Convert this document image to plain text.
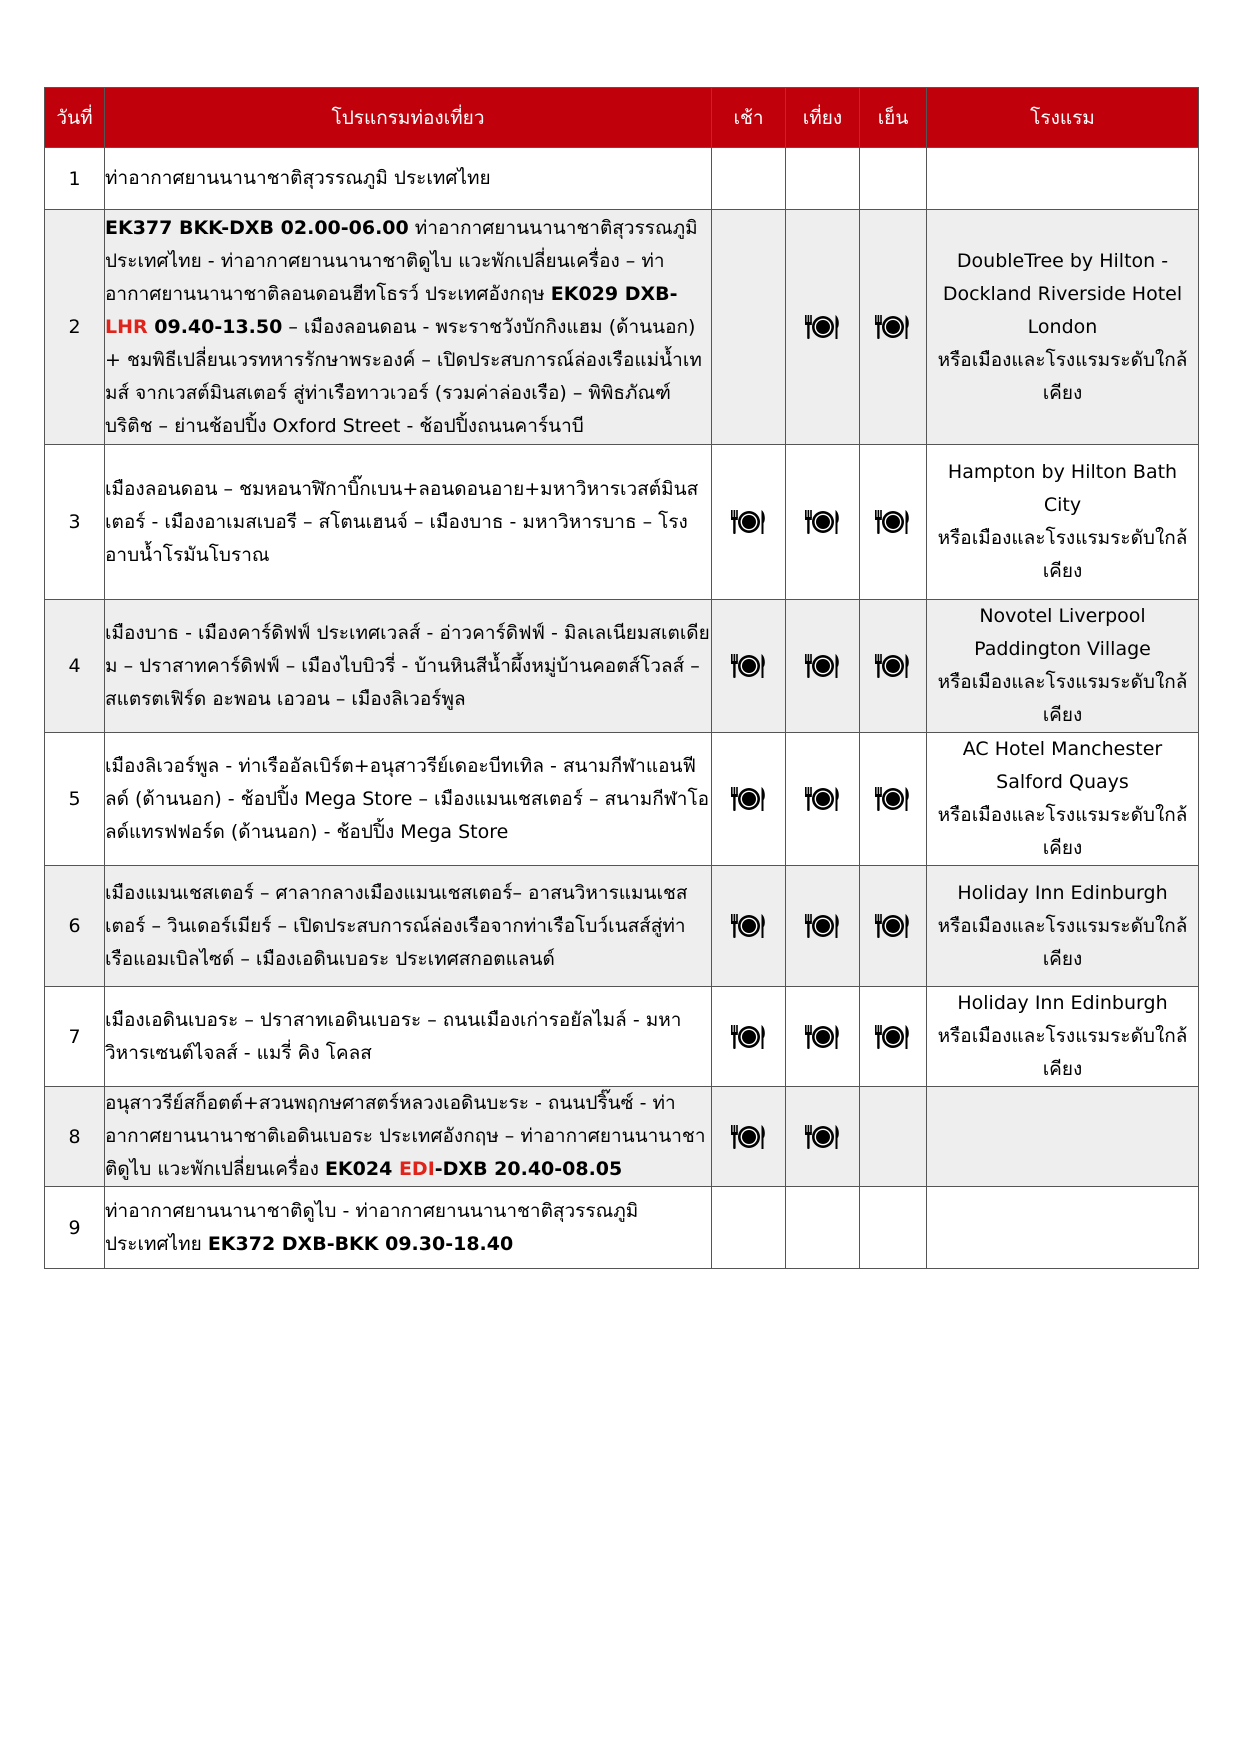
วันที่	โปรแกรมท่องเที่ยว	เช้า	เที่ยง	เย็น	โรงแรม
1	ท่าอากาศยานนานาชาติสุวรรณภูมิ ประเทศไทย				
2	EK377 BKK-DXB 02.00-06.00 ท่าอากาศยานนานาชาติสุวรรณภูมิ ประเทศไทย - ท่าอากาศยานนานาชาติดูไบ แวะพักเปลี่ยนเครื่อง – ท่าอากาศยานนานาชาติลอนดอนฮีทโธรว์ ประเทศอังกฤษ EK029 DXB-LHR 09.40-13.50 – เมืองลอนดอน - พระราชวังบักกิงแฮม (ด้านนอก) + ชมพิธีเปลี่ยนเวรทหารรักษาพระองค์ – เปิดประสบการณ์ล่องเรือแม่น้ำเทมส์ จากเวสต์มินสเตอร์ สู่ท่าเรือทาวเวอร์ (รวมค่าล่องเรือ) – พิพิธภัณฑ์บริติช – ย่านช้อปปิ้ง Oxford Street - ช้อปปิ้งถนนคาร์นาบี				DoubleTree by Hilton - Dockland Riverside Hotel London
หรือเมืองและโรงแรมระดับใกล้เคียง

3	เมืองลอนดอน – ชมหอนาฬิกาบิ๊กเบน+ลอนดอนอาย+มหาวิหารเวสต์มินสเตอร์ - เมืองอาเมสเบอรี – สโตนเฮนจ์ – เมืองบาธ - มหาวิหารบาธ – โรงอาบน้ำโรมันโบราณ				Hampton by Hilton Bath City
หรือเมืองและโรงแรมระดับใกล้เคียง

4	เมืองบาธ - เมืองคาร์ดิฟฟ์ ประเทศเวลส์ - อ่าวคาร์ดิฟฟ์ - มิลเลเนียมสเตเดียม – ปราสาทคาร์ดิฟฟ์ – เมืองไบบิวรี่ - บ้านหินสีน้ำผึ้งหมู่บ้านคอตส์โวลส์ – สแตรตเฟิร์ด อะพอน เอวอน – เมืองลิเวอร์พูล				Novotel Liverpool Paddington Village
หรือเมืองและโรงแรมระดับใกล้เคียง

5	เมืองลิเวอร์พูล - ท่าเรืออัลเบิร์ต+อนุสาวรีย์เดอะบีทเทิล - สนามกีฬาแอนฟีลด์ (ด้านนอก) - ช้อปปิ้ง Mega Store – เมืองแมนเชสเตอร์ – สนามกีฬาโอลด์แทรฟฟอร์ด (ด้านนอก) - ช้อปปิ้ง Mega Store				AC Hotel Manchester Salford Quays
หรือเมืองและโรงแรมระดับใกล้เคียง

6	เมืองแมนเชสเตอร์ – ศาลากลางเมืองแมนเชสเตอร์– อาสนวิหารแมนเชสเตอร์ – วินเดอร์เมียร์ – เปิดประสบการณ์ล่องเรือจากท่าเรือโบว์เนสส์สู่ท่าเรือแอมเบิลไซด์ – เมืองเอดินเบอระ ประเทศสกอตแลนด์				Holiday Inn Edinburgh
หรือเมืองและโรงแรมระดับใกล้เคียง

7	เมืองเอดินเบอระ – ปราสาทเอดินเบอระ – ถนนเมืองเก่ารอยัลไมล์ - มหาวิหารเซนต์ไจลส์ - แมรี่ คิง โคลส				Holiday Inn Edinburgh
หรือเมืองและโรงแรมระดับใกล้เคียง

8	อนุสาวรีย์สก็อตต์+สวนพฤกษศาสตร์หลวงเอดินบะระ - ถนนปริ๊นซ์ - ท่าอากาศยานนานาชาติเอดินเบอระ ประเทศอังกฤษ – ท่าอากาศยานนานาชาติดูไบ แวะพักเปลี่ยนเครื่อง EK024 EDI-DXB 20.40-08.05				
9	ท่าอากาศยานนานาชาติดูไบ - ท่าอากาศยานนานาชาติสุวรรณภูมิ ประเทศไทย EK372 DXB-BKK 09.30-18.40				
